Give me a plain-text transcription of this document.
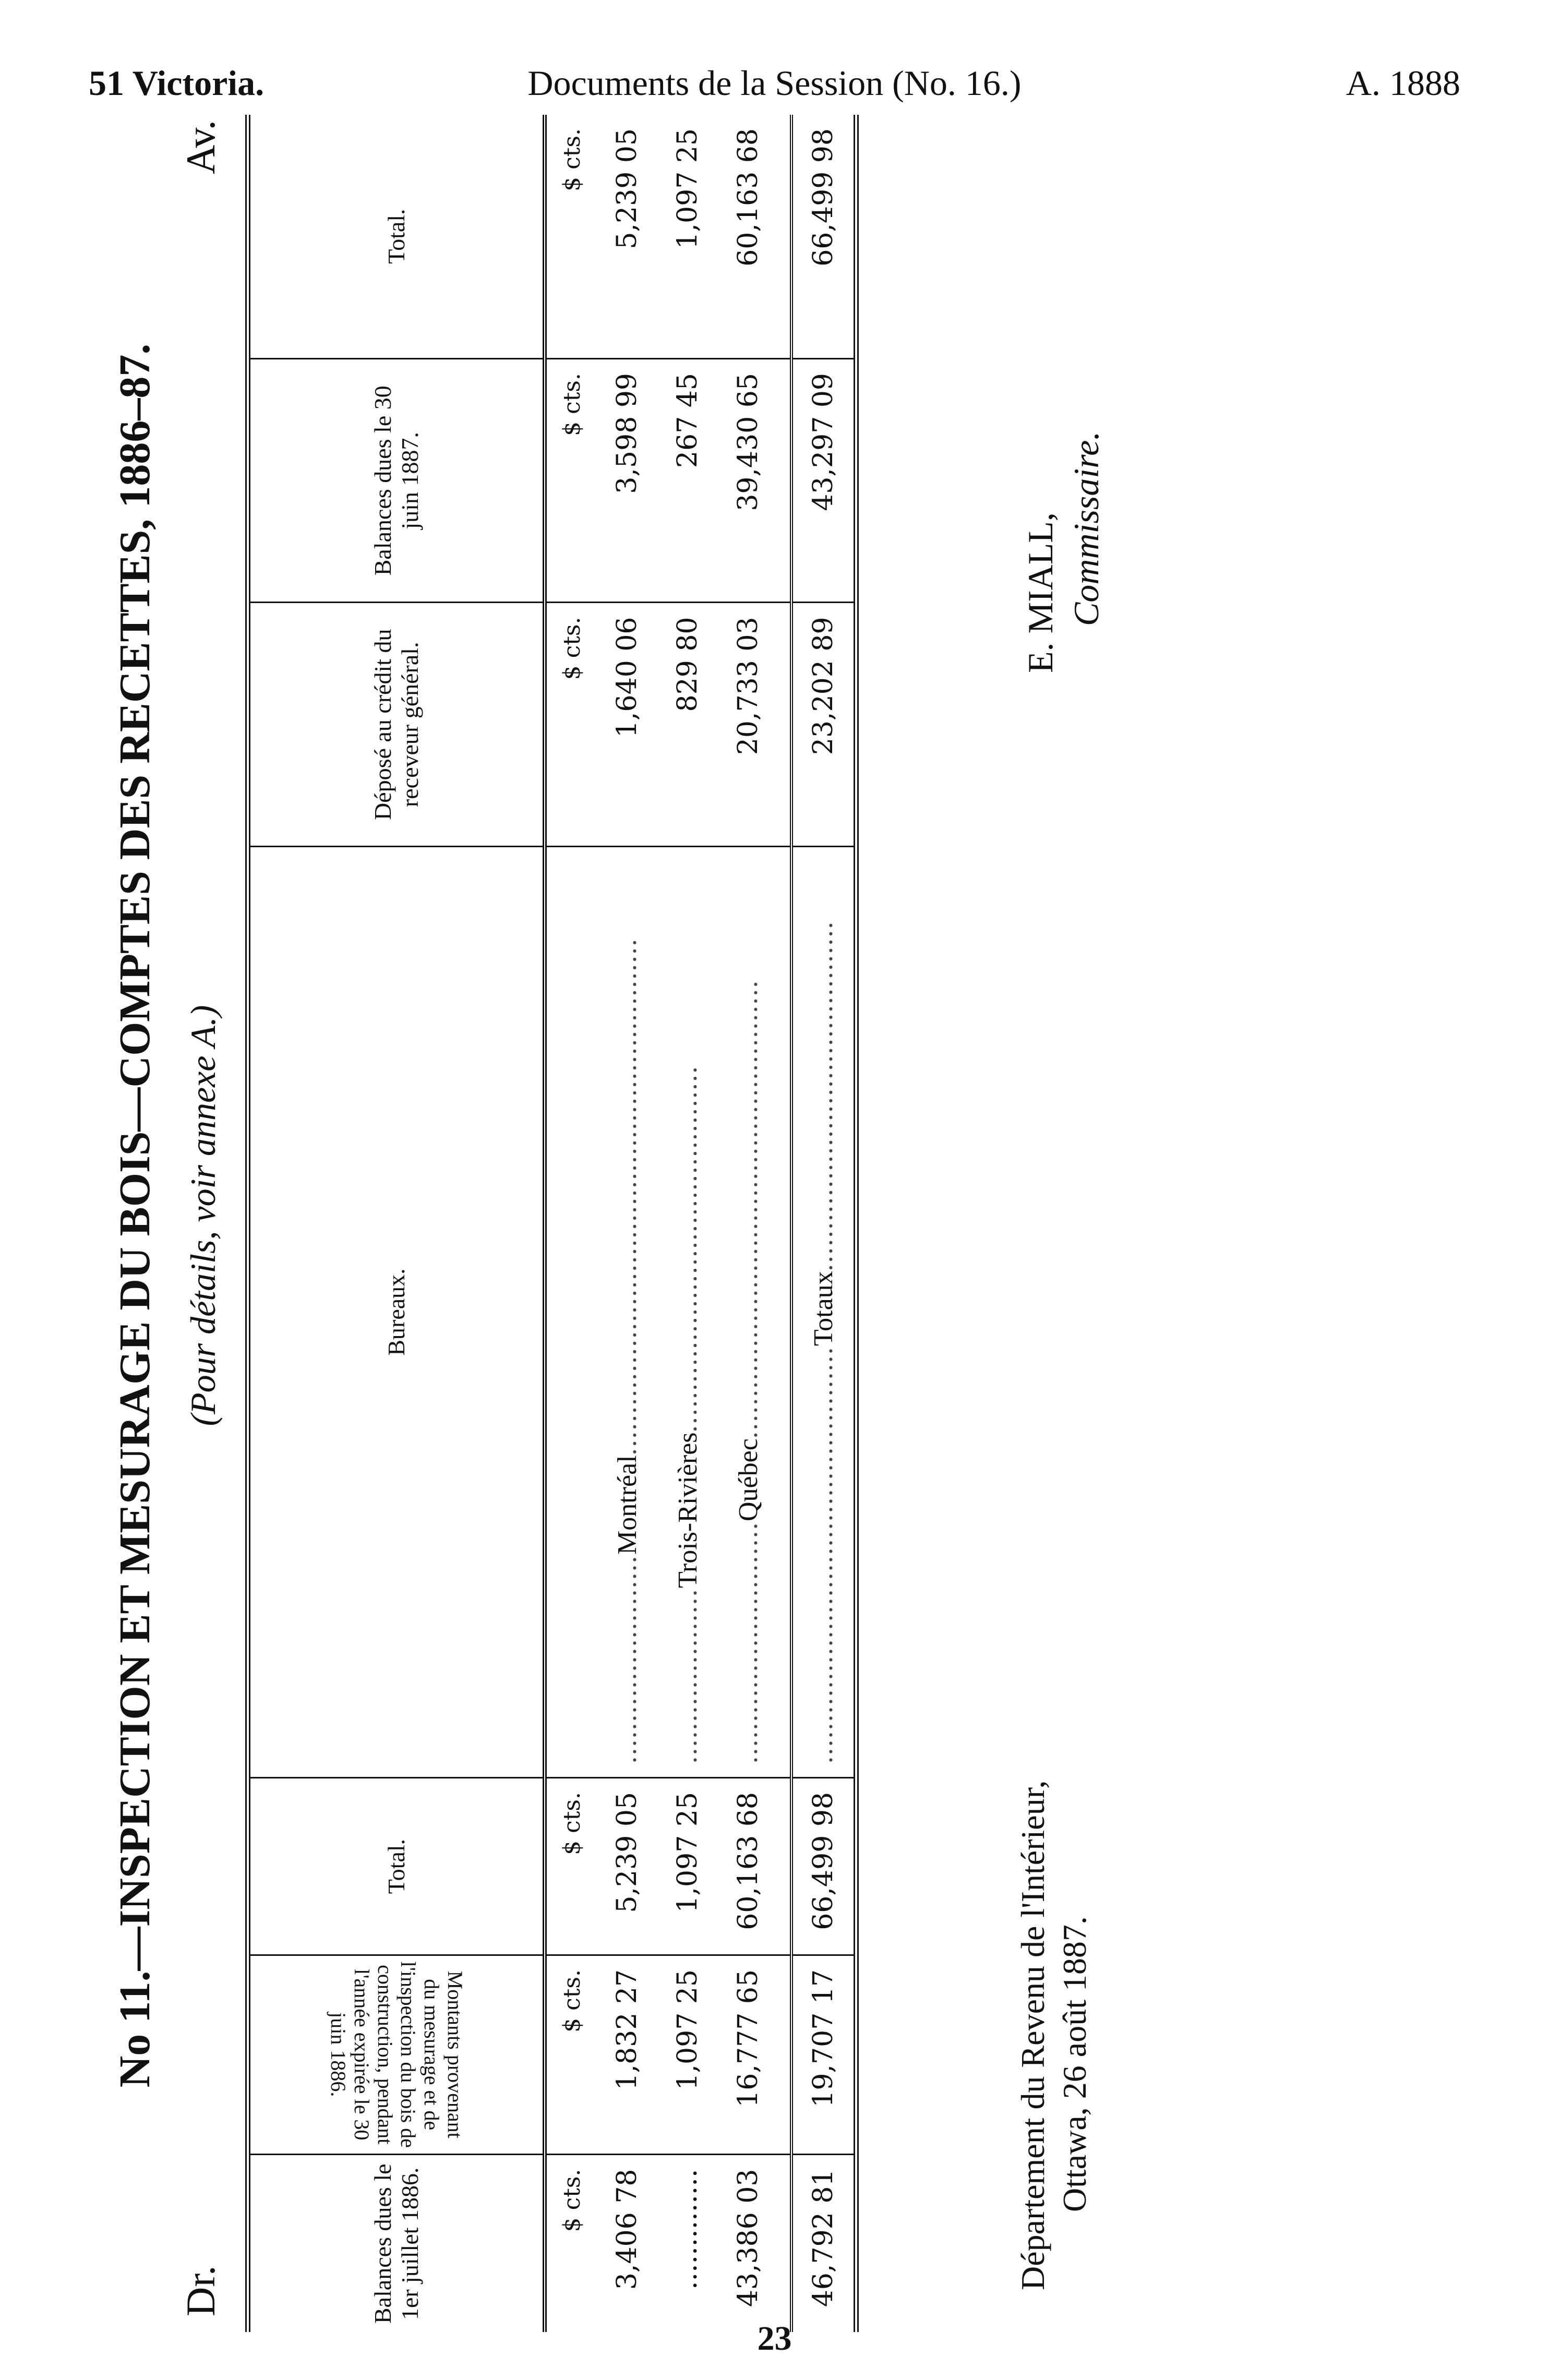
51 Victoria.	Documents de la Session (No. 16.)	A. 1888
No 11.—INSPECTION ET MESURAGE DU BOIS—COMPTES DES RECETTES, 1886–87.
Dr.
(Pour détails, voir annexe A.)
Av.
Balances dues le 1er juillet 1886.	Montants provenant du mesurage et de l'inspection du bois de construction, pendant l'année expirée le 30 juin 1886.	Total.	Bureaux.	Déposé au crédit du receveur général.	Balances dues le 30 juin 1887.	Total.
$ cts.	$ cts.	$ cts.		$ cts.	$ cts.	$ cts.
3,406 78	1,832 27	5,239 05	.........................Montréal..............................................................	1,640 06	3,598 99	5,239 05
..............	1,097 25	1,097 25	.....................Trois-Rivières............................................	829 80	267 45	1,097 25
43,386 03	16,777 65	60,163 68	.............................Québec.......................................................	20,733 03	39,430 65	60,163 68
46,792 81	19,707 17	66,499 98	..................................................Totaux..........................................	23,202 89	43,297 09	66,499 98
Département du Revenu de l'Intérieur, Ottawa, 26 août 1887.
E. MIALL, Commissaire.
23
